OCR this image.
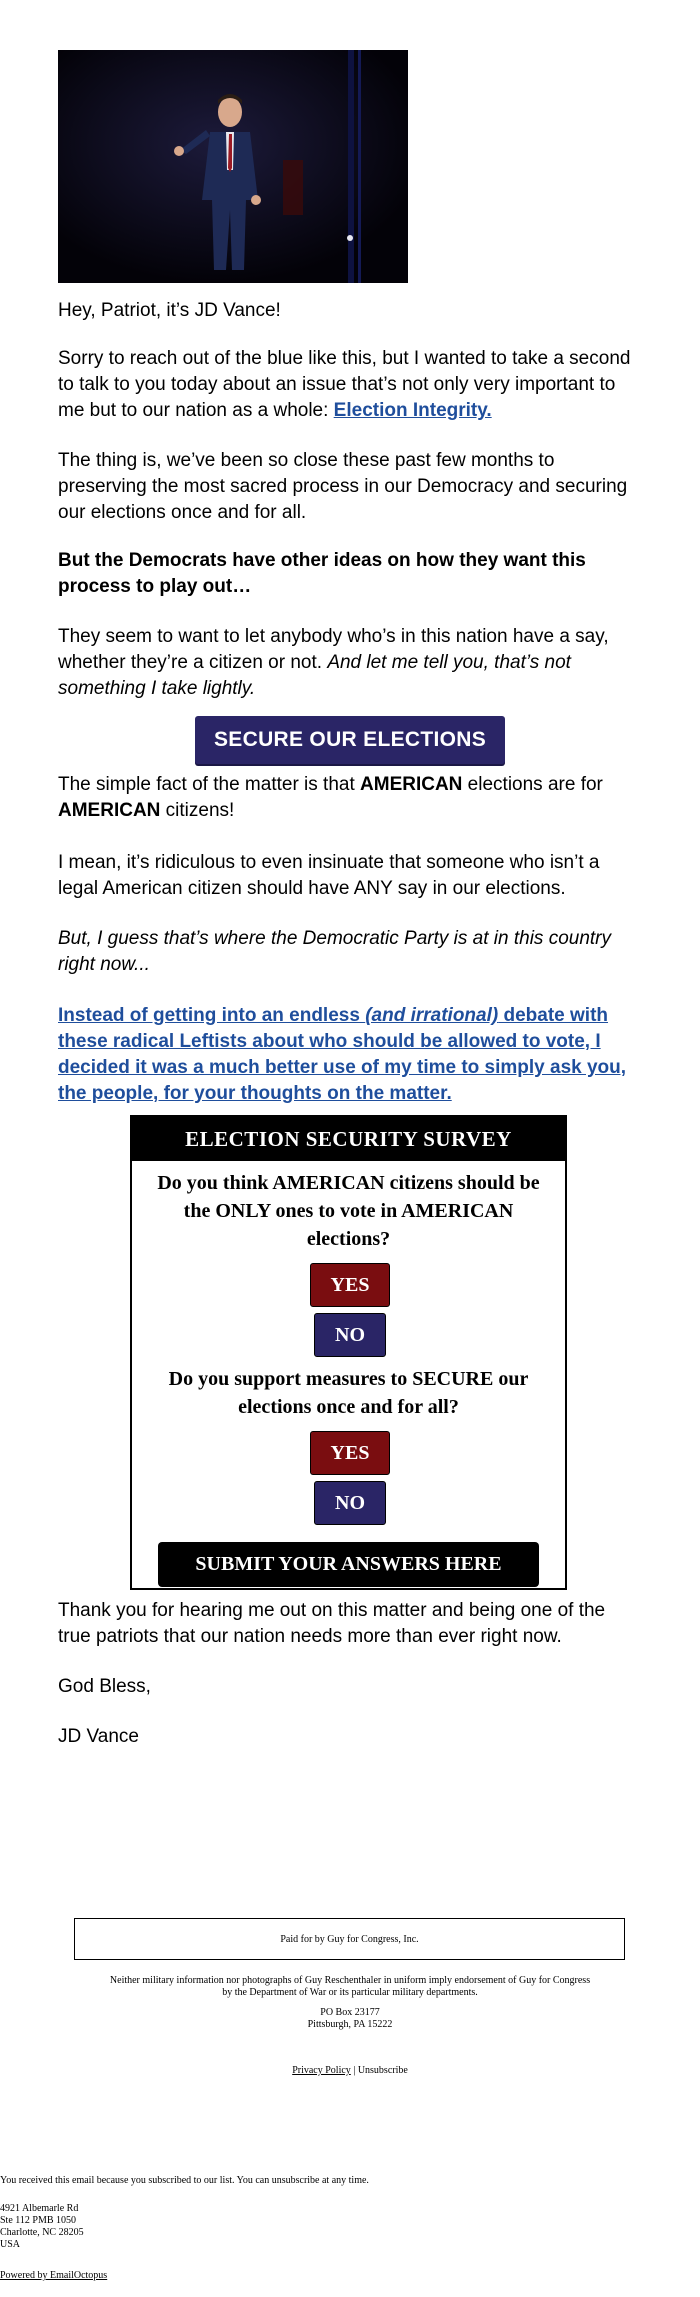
Hey, Patriot, it’s JD Vance!

Sorry to reach out of the blue like this, but I wanted to take a second to talk to you today about an issue that’s not only very important to me but to our nation as a whole: Election Integrity.

The thing is, we’ve been so close these past few months to preserving the most sacred process in our Democracy and securing our elections once and for all.

But the Democrats have other ideas on how they want this process to play out…

They seem to want to let anybody who’s in this nation have a say, whether they’re a citizen or not. And let me tell you, that’s not something I take lightly.

SECURE OUR ELECTIONS

The simple fact of the matter is that AMERICAN elections are for AMERICAN citizens!

I mean, it’s ridiculous to even insinuate that someone who isn’t a legal American citizen should have ANY say in our elections.

But, I guess that’s where the Democratic Party is at in this country right now...

Instead of getting into an endless (and irrational) debate with these radical Leftists about who should be allowed to vote, I decided it was a much better use of my time to simply ask you, the people, for your thoughts on the matter.

ELECTION SECURITY SURVEY

Do you think AMERICAN citizens should be the ONLY ones to vote in AMERICAN elections?

YES
NO

Do you support measures to SECURE our elections once and for all?

YES
NO
SUBMIT YOUR ANSWERS HERE

Thank you for hearing me out on this matter and being one of the true patriots that our nation needs more than ever right now.

God Bless,

JD Vance

Paid for by Guy for Congress, Inc.

Neither military information nor photographs of Guy Reschenthaler in uniform imply endorsement of Guy for Congress
by the Department of War or its particular military departments.

PO Box 23177
Pittsburgh, PA 15222

Privacy Policy | Unsubscribe

You received this email because you subscribed to our list. You can unsubscribe at any time.

4921 Albemarle Rd
Ste 112 PMB 1050
Charlotte, NC 28205
USA

Powered by EmailOctopus
